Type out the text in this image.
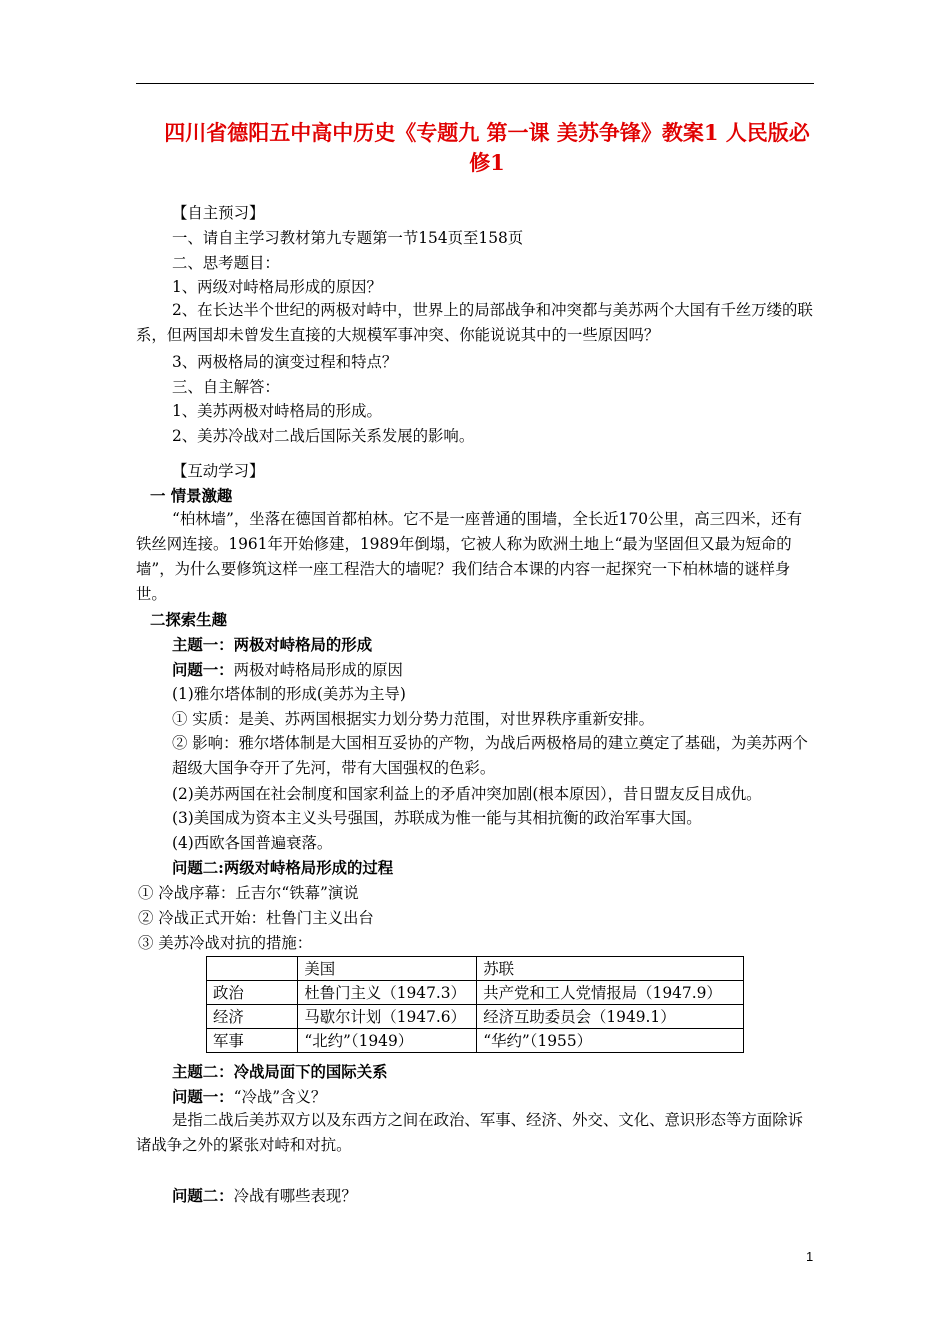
四川省德阳五中高中历史《专题九 第一课 美苏争锋》教案1 人民版必修1
【自主预习】
一、请自主学习教材第九专题第一节154页至158页
二、思考题目：
1、两级对峙格局形成的原因？
2、在长达半个世纪的两极对峙中，世界上的局部战争和冲突都与美苏两个大国有千丝万缕的联系，但两国却未曾发生直接的大规模军事冲突、你能说说其中的一些原因吗？
3、两极格局的演变过程和特点？
三、自主解答：
1、美苏两极对峙格局的形成。
2、美苏冷战对二战后国际关系发展的影响。
【互动学习】
一 情景激趣
“柏林墙”，坐落在德国首都柏林。它不是一座普通的围墙，全长近170公里，高三四米，还有铁丝网连接。1961年开始修建，1989年倒塌，它被人称为欧洲土地上“最为坚固但又最为短命的墙”，为什么要修筑这样一座工程浩大的墙呢？我们结合本课的内容一起探究一下柏林墙的谜样身世。
二探索生趣
主题一：两极对峙格局的形成
问题一：两极对峙格局形成的原因
(1)雅尔塔体制的形成(美苏为主导)
① 实质：是美、苏两国根据实力划分势力范围，对世界秩序重新安排。
② 影响：雅尔塔体制是大国相互妥协的产物，为战后两极格局的建立奠定了基础，为美苏两个超级大国争夺开了先河，带有大国强权的色彩。
(2)美苏两国在社会制度和国家利益上的矛盾冲突加剧(根本原因），昔日盟友反目成仇。
(3)美国成为资本主义头号强国，苏联成为惟一能与其相抗衡的政治军事大国。
(4)西欧各国普遍衰落。
问题二:两级对峙格局形成的过程
① 冷战序幕：丘吉尔“铁幕”演说
② 冷战正式开始：杜鲁门主义出台
③ 美苏冷战对抗的措施：
	美国	苏联
政治	杜鲁门主义（1947.3）	共产党和工人党情报局（1947.9）
经济	马歇尔计划（1947.6）	经济互助委员会（1949.1）
军事	“北约”（1949）	“华约”（1955）
主题二：冷战局面下的国际关系
问题一：“冷战”含义？
是指二战后美苏双方以及东西方之间在政治、军事、经济、外交、文化、意识形态等方面除诉诸战争之外的紧张对峙和对抗。
问题二：冷战有哪些表现？
1
